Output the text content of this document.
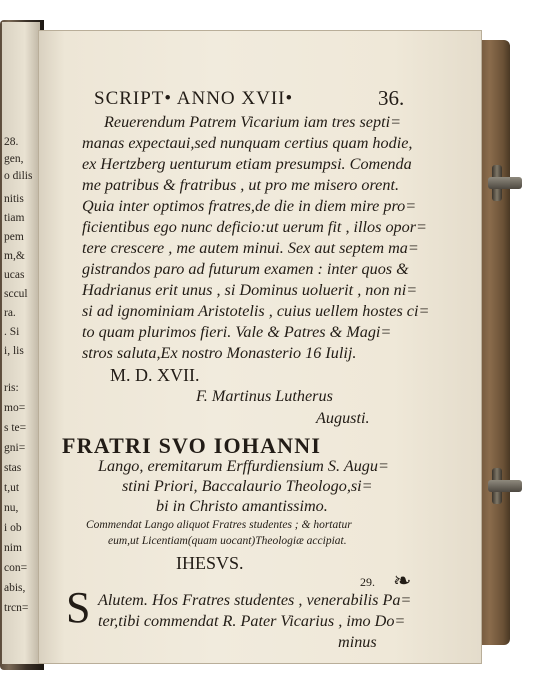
28.
gen,
o dilis
nitis
tiam
pem
m,&
ucas
sccul
ra.
. Si
i, lis
ris:
mo=
s te=
gni=
stas
t,ut
nu,
i ob
nim
con=
abis,
trcn=
SCRIPT• ANNO XVII•	36.
Reuerendum Patrem Vicarium iam tres septi=
manas expectaui,sed nunquam certius quam hodie,
ex Hertzberg uenturum etiam presumpsi. Comenda
me patribus & fratribus , ut pro me misero orent.
Quia inter optimos fratres,de die in diem mire pro=
ficientibus ego nunc deficio:ut uerum fit , illos opor=
tere crescere , me autem minui. Sex aut septem ma=
gistrandos paro ad futurum examen : inter quos &
Hadrianus erit unus , si Dominus uoluerit , non ni=
si ad ignominiam Aristotelis , cuius uellem hostes ci=
to quam plurimos fieri. Vale & Patres & Magi=
stros saluta,Ex nostro Monasterio 16 Iulij.
M. D. XVII.
F. Martinus Lutherus
Augusti.
FRATRI SVO IOHANNI
Lango, eremitarum Erffurdiensium S. Augu=
stini Priori, Baccalaurio Theologo,si=
bi in Christo amantissimo.
Commendat Lango aliquot Fratres studentes ; & hortatur
eum,ut Licentiam(quam uocant)Theologiæ accipiat.
IHESVS.
29. ❧
S Alutem. Hos Fratres studentes , venerabilis Pa=
ter,tibi commendat R. Pater Vicarius , imo Do=
minus
